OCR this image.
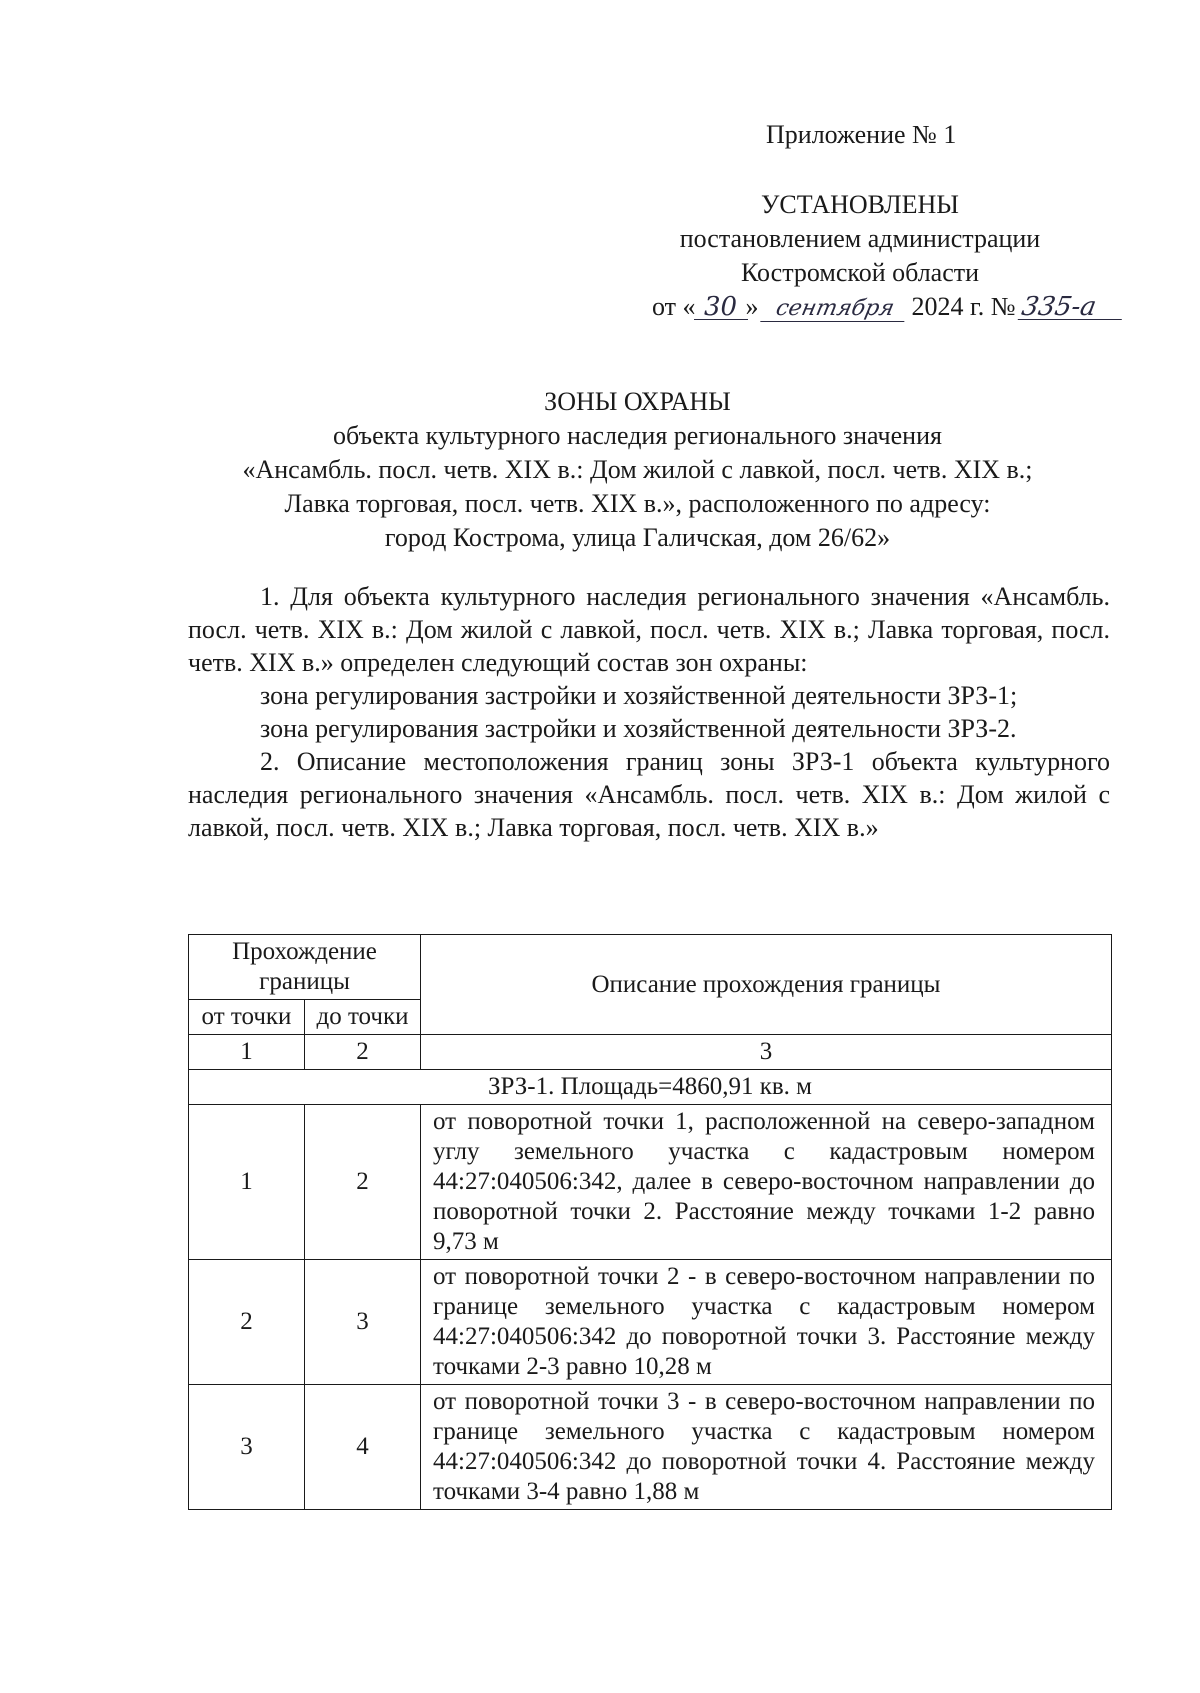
Приложение № 1
УСТАНОВЛЕНЫ
постановлением администрации
Костромской области
от « 30 » сентября 2024 г. № 335-а
ЗОНЫ ОХРАНЫ
объекта культурного наследия регионального значения
«Ансамбль. посл. четв. XIX в.: Дом жилой с лавкой, посл. четв. XIX в.;
Лавка торговая, посл. четв. XIX в.», расположенного по адресу:
город Кострома, улица Галичская, дом 26/62»

1. Для объекта культурного наследия регионального значения «Ансамбль. посл. четв. XIX в.: Дом жилой с лавкой, посл. четв. XIX в.; Лавка торговая, посл. четв. XIX в.» определен следующий состав зон охраны:

зона регулирования застройки и хозяйственной деятельности ЗРЗ-1;

зона регулирования застройки и хозяйственной деятельности ЗРЗ-2.

2. Описание местоположения границ зоны ЗРЗ-1 объекта культурного наследия регионального значения «Ансамбль. посл. четв. XIX в.: Дом жилой с лавкой, посл. четв. XIX в.; Лавка торговая, посл. четв. XIX в.»

Прохождение границы		Описание прохождения границы
от точки	до точки	
1	2	3
ЗРЗ-1. Площадь=4860,91 кв. м		
1	2	от поворотной точки 1, расположенной на северо-западном углу земельного участка с кадастровым номером 44:27:040506:342, далее в северо-восточном направлении до поворотной точки 2. Расстояние между точками 1-2 равно 9,73 м
2	3	от поворотной точки 2 - в северо-восточном направлении по границе земельного участка с кадастровым номером 44:27:040506:342 до поворотной точки 3. Расстояние между точками 2-3 равно 10,28 м
3	4	от поворотной точки 3 - в северо-восточном направлении по границе земельного участка с кадастровым номером 44:27:040506:342 до поворотной точки 4. Расстояние между точками 3-4 равно 1,88 м
